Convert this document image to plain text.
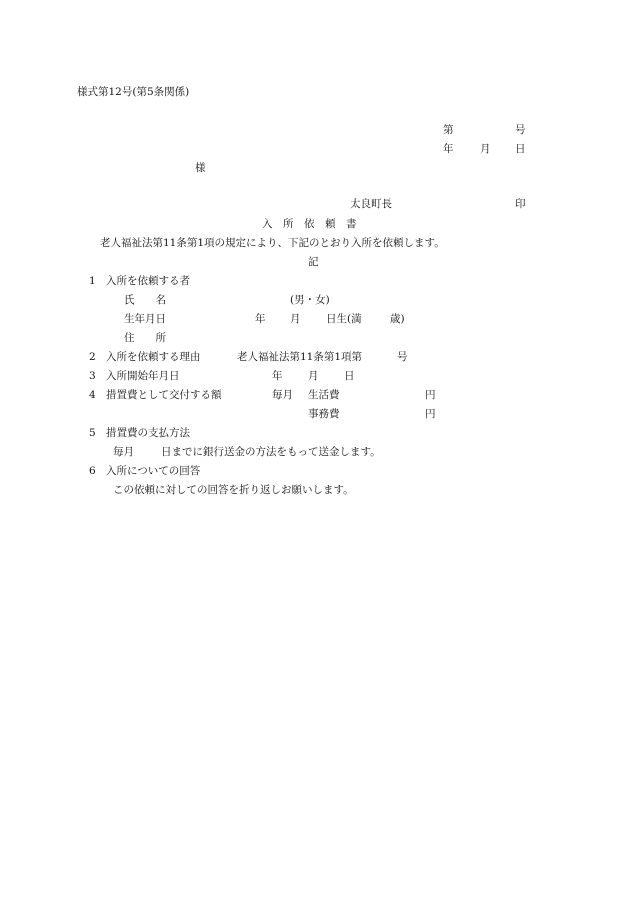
様式第12号(第5条関係)
第	号
年	月 日
様
太良町長	印
入　所　依　頼　書
老人福祉法第11条第1項の規定により、下記のとおり入所を依頼します。
記
1 入所を依頼する者
氏　　名	(男・女)
生年月日	年 月 日生(満	歳)
住　　所
2 入所を依頼する理由	老人福祉法第11条第1項第	号
3 入所開始年月日	年 月 日
4 措置費として交付する額	毎月 生活費	円
事務費	円
5 措置費の支払方法
毎月	日までに銀行送金の方法をもって送金します。
6 入所についての回答
この依頼に対しての回答を折り返しお願いします。
